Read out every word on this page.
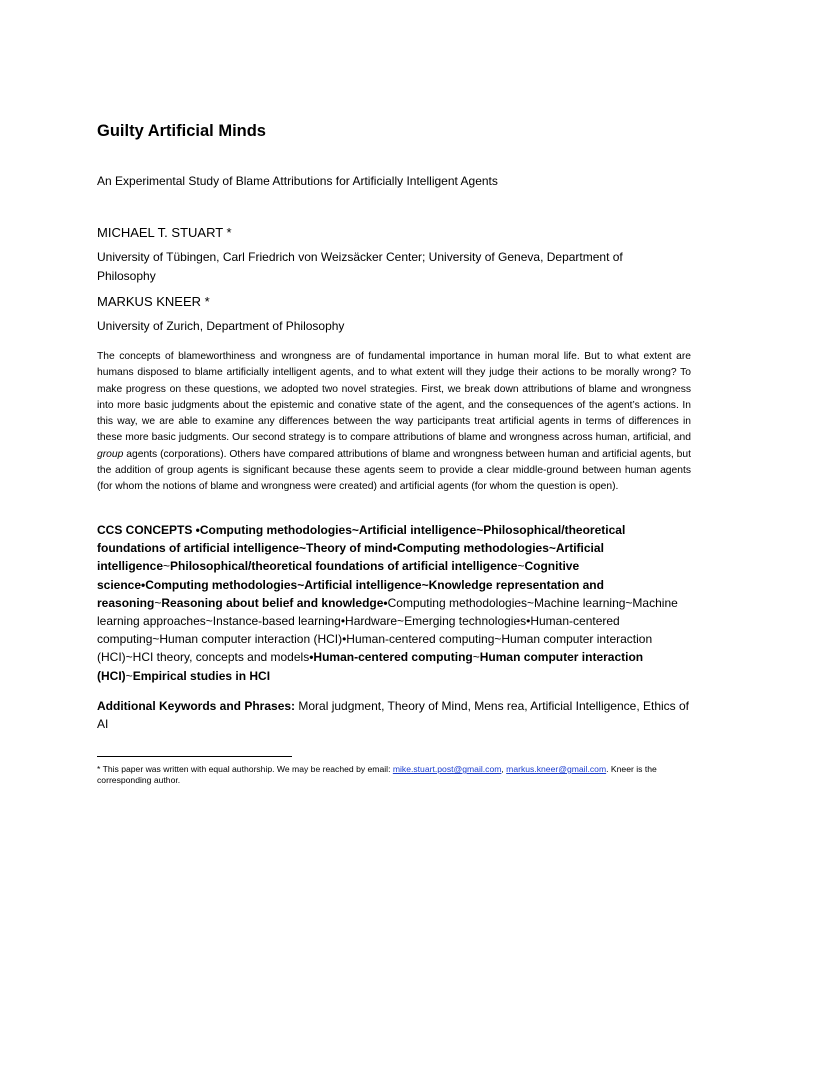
Guilty Artificial Minds
An Experimental Study of Blame Attributions for Artificially Intelligent Agents
MICHAEL T. STUART *
University of Tübingen, Carl Friedrich von Weizsäcker Center; University of Geneva, Department of Philosophy
MARKUS KNEER *
University of Zurich, Department of Philosophy

The concepts of blameworthiness and wrongness are of fundamental importance in human moral life. But to what extent are humans disposed to blame artificially intelligent agents, and to what extent will they judge their actions to be morally wrong? To make progress on these questions, we adopted two novel strategies. First, we break down attributions of blame and wrongness into more basic judgments about the epistemic and conative state of the agent, and the consequences of the agent’s actions. In this way, we are able to examine any differences between the way participants treat artificial agents in terms of differences in these more basic judgments. Our second strategy is to compare attributions of blame and wrongness across human, artificial, and group agents (corporations). Others have compared attributions of blame and wrongness between human and artificial agents, but the addition of group agents is significant because these agents seem to provide a clear middle-ground between human agents (for whom the notions of blame and wrongness were created) and artificial agents (for whom the question is open).

CCS CONCEPTS •Computing methodologies~Artificial intelligence~Philosophical/theoretical foundations of artificial intelligence~Theory of mind•Computing methodologies~Artificial intelligence~Philosophical/theoretical foundations of artificial intelligence~Cognitive science•Computing methodologies~Artificial intelligence~Knowledge representation and reasoning~Reasoning about belief and knowledge•Computing methodologies~Machine learning~Machine learning approaches~Instance-based learning•Hardware~Emerging technologies•Human-centered computing~Human computer interaction (HCI)•Human-centered computing~Human computer interaction (HCI)~HCI theory, concepts and models•Human-centered computing~Human computer interaction (HCI)~Empirical studies in HCI

Additional Keywords and Phrases: Moral judgment, Theory of Mind, Mens rea, Artificial Intelligence, Ethics of AI

* This paper was written with equal authorship. We may be reached by email: mike.stuart.post@gmail.com, markus.kneer@gmail.com. Kneer is the corresponding author.
